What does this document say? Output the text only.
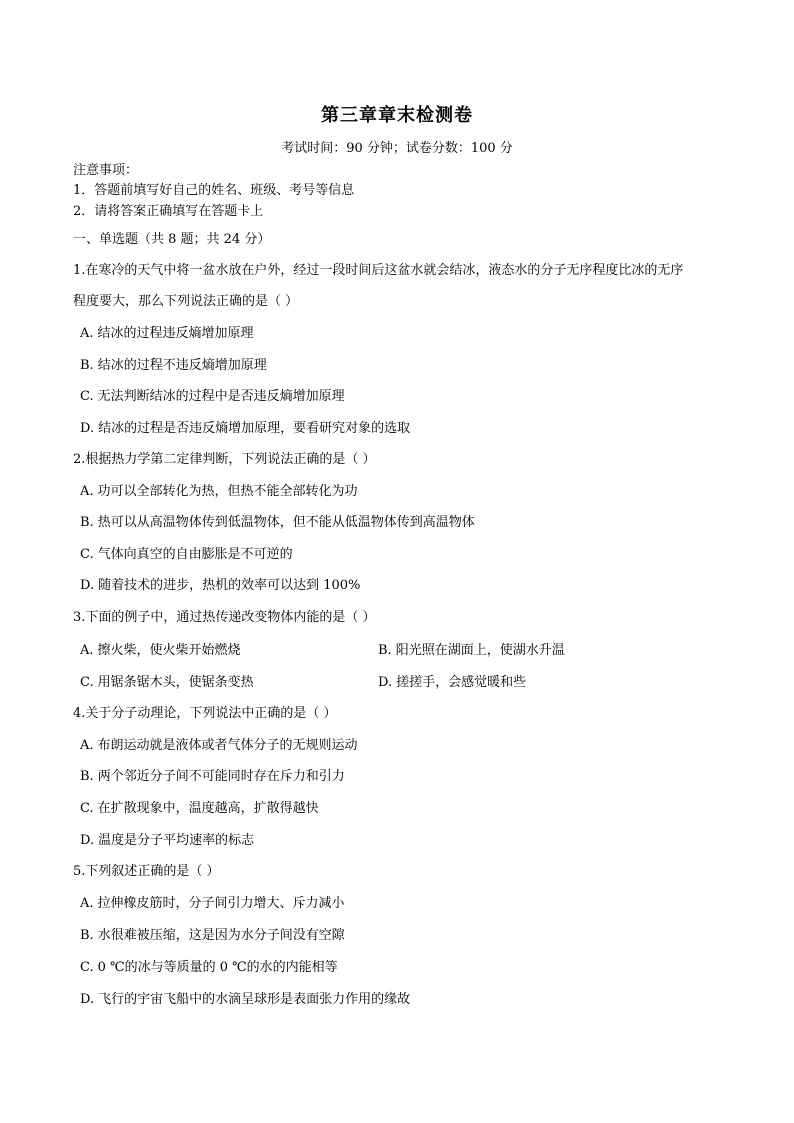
第三章章末检测卷
考试时间：90 分钟；试卷分数：100 分
注意事项：
1．答题前填写好自己的姓名、班级、考号等信息
2．请将答案正确填写在答题卡上
一、单选题（共 8 题；共 24 分）
1.在寒冷的天气中将一盆水放在户外，经过一段时间后这盆水就会结冰，液态水的分子无序程度比冰的无序
程度要大，那么下列说法正确的是（ ）
A. 结冰的过程违反熵增加原理
B. 结冰的过程不违反熵增加原理
C. 无法判断结冰的过程中是否违反熵增加原理
D. 结冰的过程是否违反熵增加原理，要看研究对象的选取
2.根据热力学第二定律判断，下列说法正确的是（ ）
A. 功可以全部转化为热，但热不能全部转化为功
B. 热可以从高温物体传到低温物体，但不能从低温物体传到高温物体
C. 气体向真空的自由膨胀是不可逆的
D. 随着技术的进步，热机的效率可以达到 100%
3.下面的例子中，通过热传递改变物体内能的是（ ）
A. 擦火柴，使火柴开始燃烧	B. 阳光照在湖面上，使湖水升温
C. 用锯条锯木头，使锯条变热	D. 搓搓手，会感觉暖和些
4.关于分子动理论，下列说法中正确的是（ ）
A. 布朗运动就是液体或者气体分子的无规则运动
B. 两个邻近分子间不可能同时存在斥力和引力
C. 在扩散现象中，温度越高，扩散得越快
D. 温度是分子平均速率的标志
5.下列叙述正确的是（ ）
A. 拉伸橡皮筋时，分子间引力增大、斥力减小
B. 水很难被压缩，这是因为水分子间没有空隙
C. 0 ℃的冰与等质量的 0 ℃的水的内能相等
D. 飞行的宇宙飞船中的水滴呈球形是表面张力作用的缘故
